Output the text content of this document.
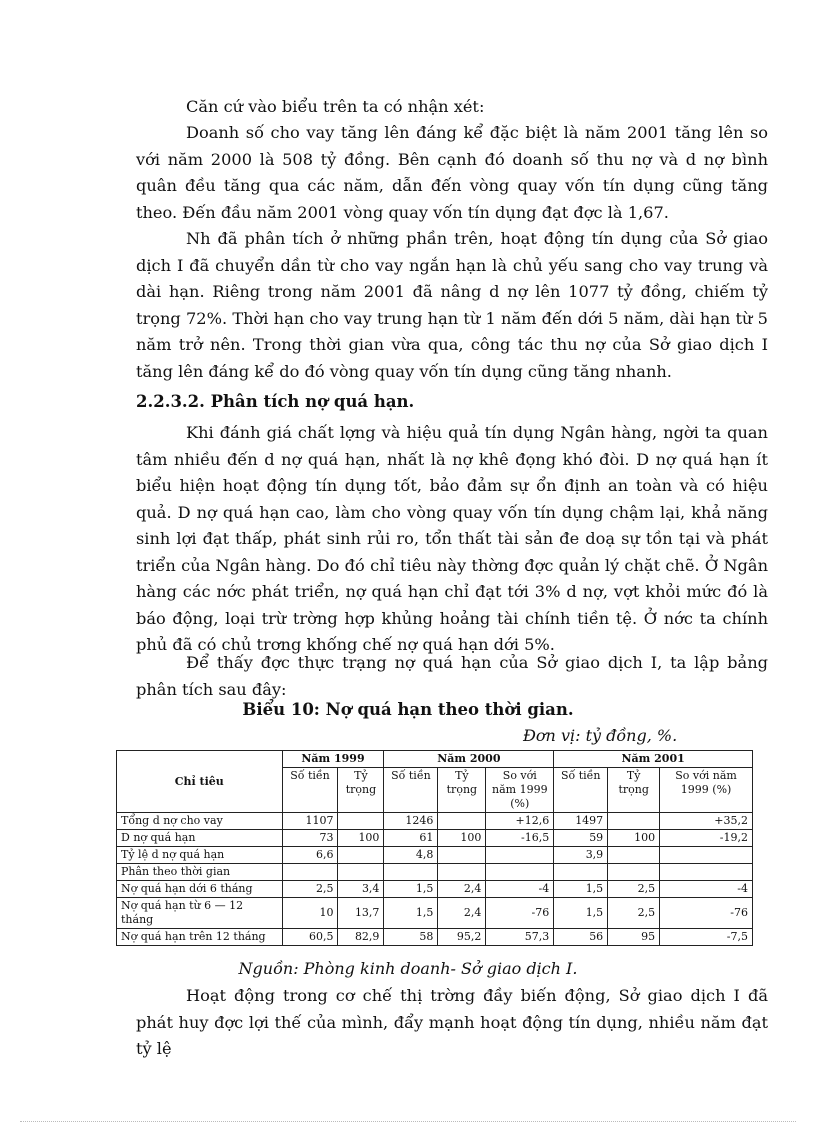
Căn cứ vào biểu trên ta có nhận xét:

Doanh số cho vay tăng lên đáng kể đặc biệt là năm 2001 tăng lên so với năm 2000 là 508 tỷ đồng. Bên cạnh đó doanh số thu nợ và d nợ bình quân đều tăng qua các năm, dẫn đến vòng quay vốn tín dụng cũng tăng theo. Đến đầu năm 2001 vòng quay vốn tín dụng đạt đợc là 1,67.

Nh đã phân tích ở những phần trên, hoạt động tín dụng của Sở giao dịch I đã chuyển dần từ cho vay ngắn hạn là chủ yếu sang cho vay trung và dài hạn. Riêng trong năm 2001 đã nâng d nợ lên 1077 tỷ đồng, chiếm tỷ trọng 72%. Thời hạn cho vay trung hạn từ 1 năm đến dới 5 năm, dài hạn từ 5 năm trở nên. Trong thời gian vừa qua, công tác thu nợ của Sở giao dịch I tăng lên đáng kể do đó vòng quay vốn tín dụng cũng tăng nhanh.

2.2.3.2. Phân tích nợ quá hạn.

Khi đánh giá chất lợng và hiệu quả tín dụng Ngân hàng, ngời ta quan tâm nhiều đến d nợ quá hạn, nhất là nợ khê đọng khó đòi. D nợ quá hạn ít biểu hiện hoạt động tín dụng tốt, bảo đảm sự ổn định an toàn và có hiệu quả. D nợ quá hạn cao, làm cho vòng quay vốn tín dụng chậm lại, khả năng sinh lợi đạt thấp, phát sinh rủi ro, tổn thất tài sản đe doạ sự tồn tại và phát triển của Ngân hàng. Do đó chỉ tiêu này thờng đợc quản lý chặt chẽ. Ở Ngân hàng các nớc phát triển, nợ quá hạn chỉ đạt tới 3% d nợ, vợt khỏi mức đó là báo động, loại trừ trờng hợp khủng hoảng tài chính tiền tệ. Ở nớc ta chính phủ đã có chủ trơng khống chế nợ quá hạn dới 5%.

Để thấy đợc thực trạng nợ quá hạn của Sở giao dịch I, ta lập bảng phân tích sau đây:

Biểu 10: Nợ quá hạn theo thời gian.

Đơn vị: tỷ đồng, %.

Chỉ tiêu	Năm 1999		Năm 2000			Năm 2001		
	Số tiền	Tỷ trọng	Số tiền	Tỷ trọng	So với năm 1999 (%)	Số tiền	Tỷ trọng	So với năm 1999 (%)
Tổng d nợ cho vay	1107		1246		+12,6	1497		+35,2
D nợ quá hạn	73	100	61	100	-16,5	59	100	-19,2
Tỷ lệ d nợ quá hạn	6,6		4,8			3,9		
Phân theo thời gian								
Nợ quá hạn dới 6 tháng	2,5	3,4	1,5	2,4	-4	1,5	2,5	-4
Nợ quá hạn từ 6 — 12 tháng	10	13,7	1,5	2,4	-76	1,5	2,5	-76
Nợ quá hạn trên 12 tháng	60,5	82,9	58	95,2	57,3	56	95	-7,5

Nguồn: Phòng kinh doanh- Sở giao dịch I.

Hoạt động trong cơ chế thị trờng đầy biến động, Sở giao dịch I đã phát huy đợc lợi thế của mình, đẩy mạnh hoạt động tín dụng, nhiều năm đạt tỷ lệ
